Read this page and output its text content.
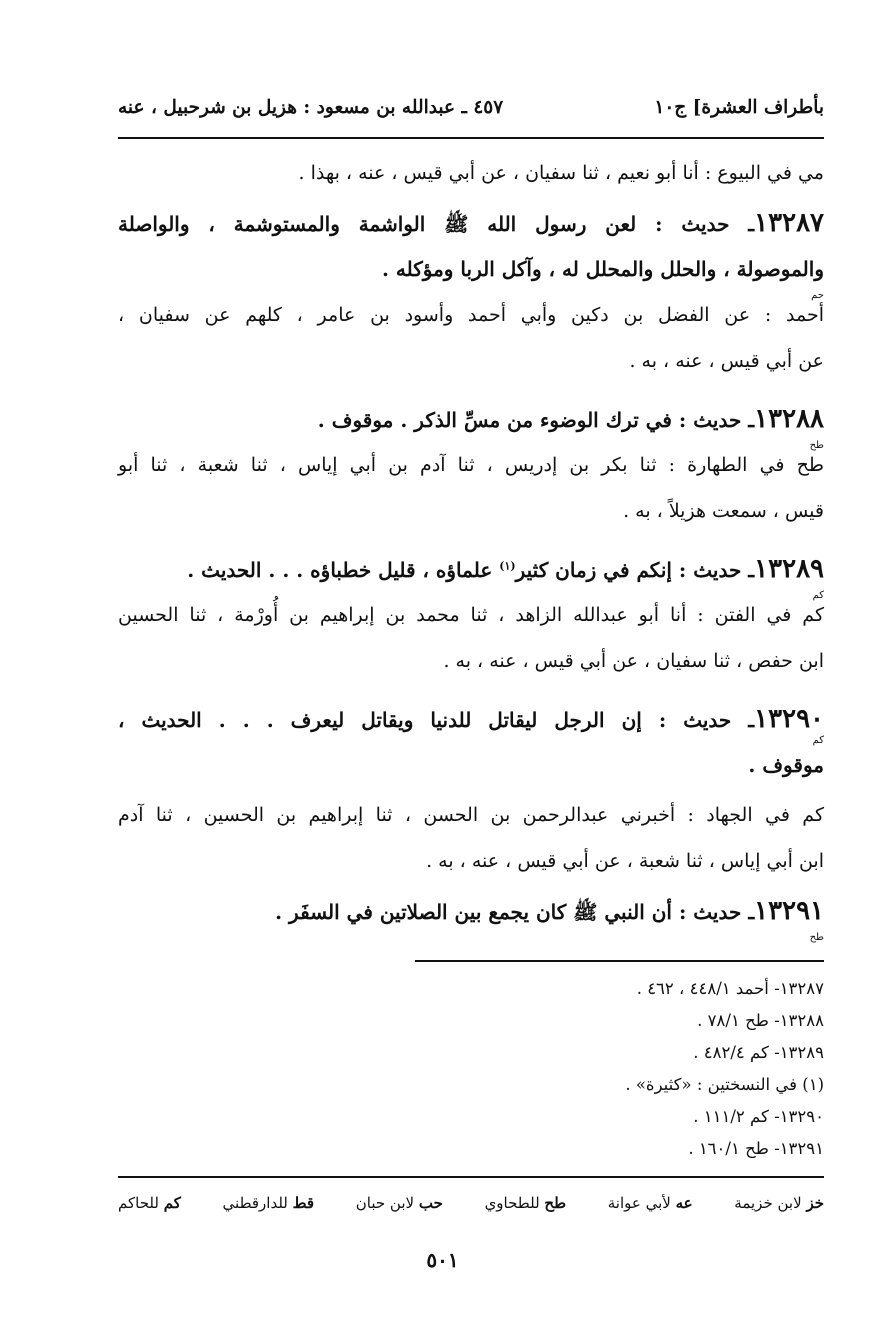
بأطراف العشرة] ج١٠
٤٥٧ ـ عبدالله بن مسعود : هزيل بن شرحبيل ، عنه
مي في البيوع : أنا أبو نعيم ، ثنا سفيان ، عن أبي قيس ، عنه ، بهذا .
١٣٢٨٧ـ حديث : لعن رسول الله ﷺ الواشمة والمستوشمة ، والواصلة
حم
والموصولة ، والحلل والمحلل له ، وآكل الربا ومؤكله .
أحمد : عن الفضل بن دكين وأبي أحمد وأسود بن عامر ، كلهم عن سفيان ،
عن أبي قيس ، عنه ، به .
طح
١٣٢٨٨ـ حديث : في ترك الوضوء من مسِّ الذكر . موقوف .
طح في الطهارة : ثنا بكر بن إدريس ، ثنا آدم بن أبي إياس ، ثنا شعبة ، ثنا أبو
قيس ، سمعت هزيلاً ، به .
كم
١٣٢٨٩ـ حديث : إنكم في زمان كثير$^{(١)}$ علماؤه ، قليل خطباؤه . . . الحديث .
كم في الفتن : أنا أبو عبدالله الزاهد ، ثنا محمد بن إبراهيم بن أُورْمة ، ثنا الحسين
ابن حفص ، ثنا سفيان ، عن أبي قيس ، عنه ، به .
١٣٢٩٠ـ حديث : إن الرجل ليقاتل للدنيا ويقاتل ليعرف . . . الحديث ،
كم
موقوف .
كم في الجهاد : أخبرني عبدالرحمن بن الحسن ، ثنا إبراهيم بن الحسين ، ثنا آدم
ابن أبي إياس ، ثنا شعبة ، عن أبي قيس ، عنه ، به .
طح
١٣٢٩١ـ حديث : أن النبي ﷺ كان يجمع بين الصلاتين في السفَر .
١٣٢٨٧- أحمد ٤٤٨/١ ، ٤٦٢ .
١٣٢٨٨- طح ٧٨/١ .
١٣٢٨٩- كم ٤٨٢/٤ .
(١) في النسختين : «كثيرة» .
١٣٢٩٠- كم ١١١/٢ .
١٣٢٩١- طح ١٦٠/١ .
خز لابن خزيمة
عه لأبي عوانة
طح للطحاوي
حب لابن حبان
قط للدارقطني
كم للحاكم
٥٠١
